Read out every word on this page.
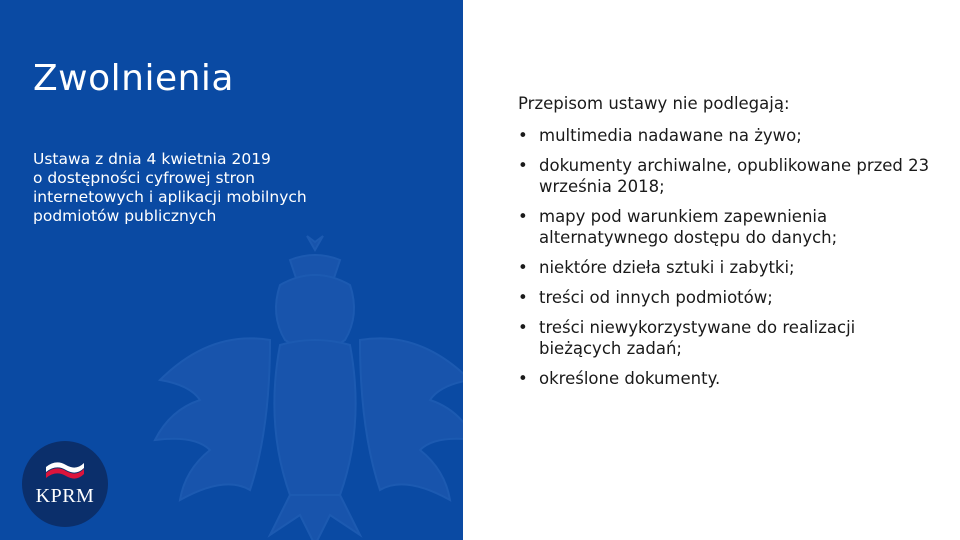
Zwolnienia

Ustawa z dnia 4 kwietnia 2019
o dostępności cyfrowej stron
internetowych i aplikacji mobilnych
podmiotów publicznych

KPRM

Przepisom ustawy nie podlegają:

• multimedia nadawane na żywo;
• dokumenty archiwalne, opublikowane przed 23 września 2018;
• mapy pod warunkiem zapewnienia alternatywnego dostępu do danych;
• niektóre dzieła sztuki i zabytki;
• treści od innych podmiotów;
• treści niewykorzystywane do realizacji bieżących zadań;
• określone dokumenty.
